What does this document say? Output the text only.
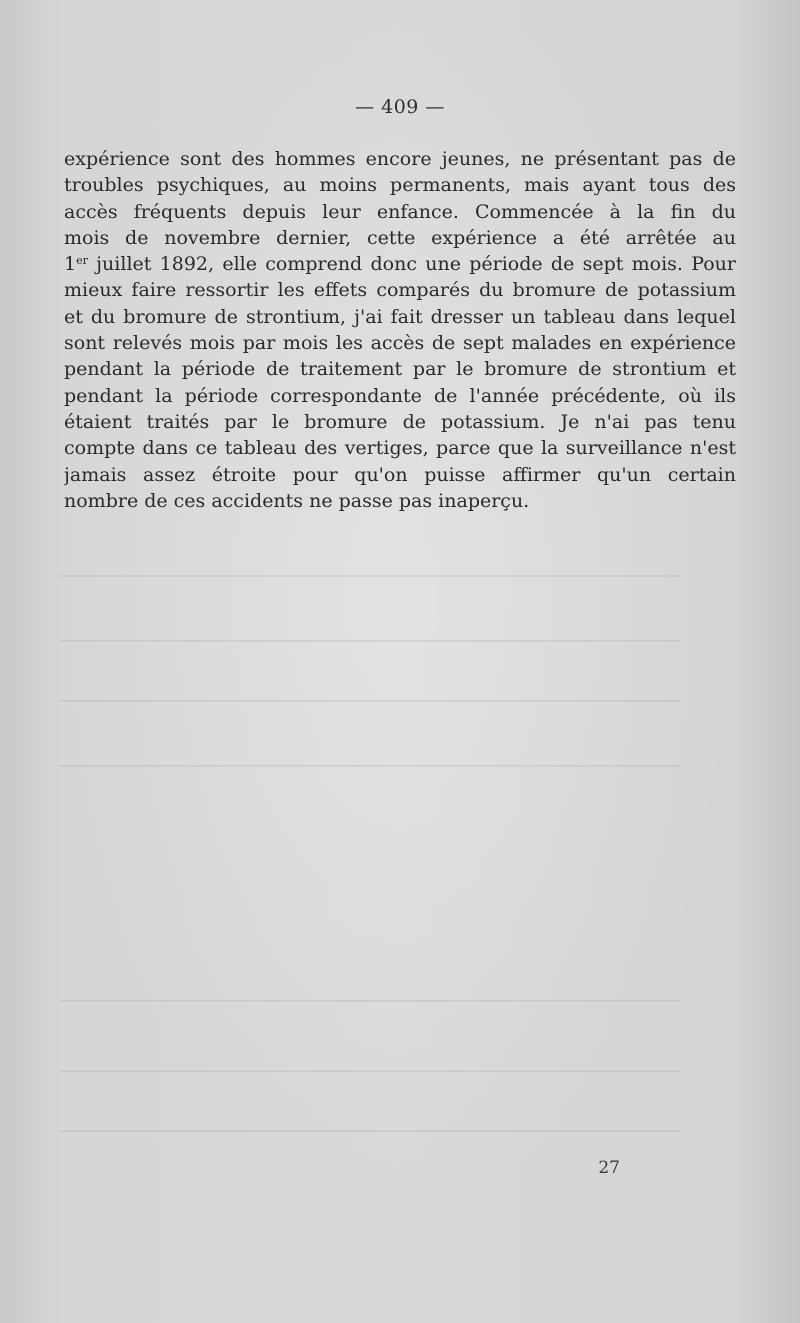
— 409 —

expérience sont des hommes encore jeunes, ne présentant pas de
troubles psychiques, au moins permanents, mais ayant tous des
accès fréquents depuis leur enfance. Commencée à la fin du
mois de novembre dernier, cette expérience a été arrêtée au
1er juillet 1892, elle comprend donc une période de sept mois. Pour
mieux faire ressortir les effets comparés du bromure de potassium
et du bromure de strontium, j'ai fait dresser un tableau dans lequel
sont relevés mois par mois les accès de sept malades en expérience
pendant la période de traitement par le bromure de strontium et
pendant la période correspondante de l'année précédente, où ils
étaient traités par le bromure de potassium. Je n'ai pas tenu
compte dans ce tableau des vertiges, parce que la surveillance n'est
jamais assez étroite pour qu'on puisse affirmer qu'un certain
nombre de ces accidents ne passe pas inaperçu.

27
